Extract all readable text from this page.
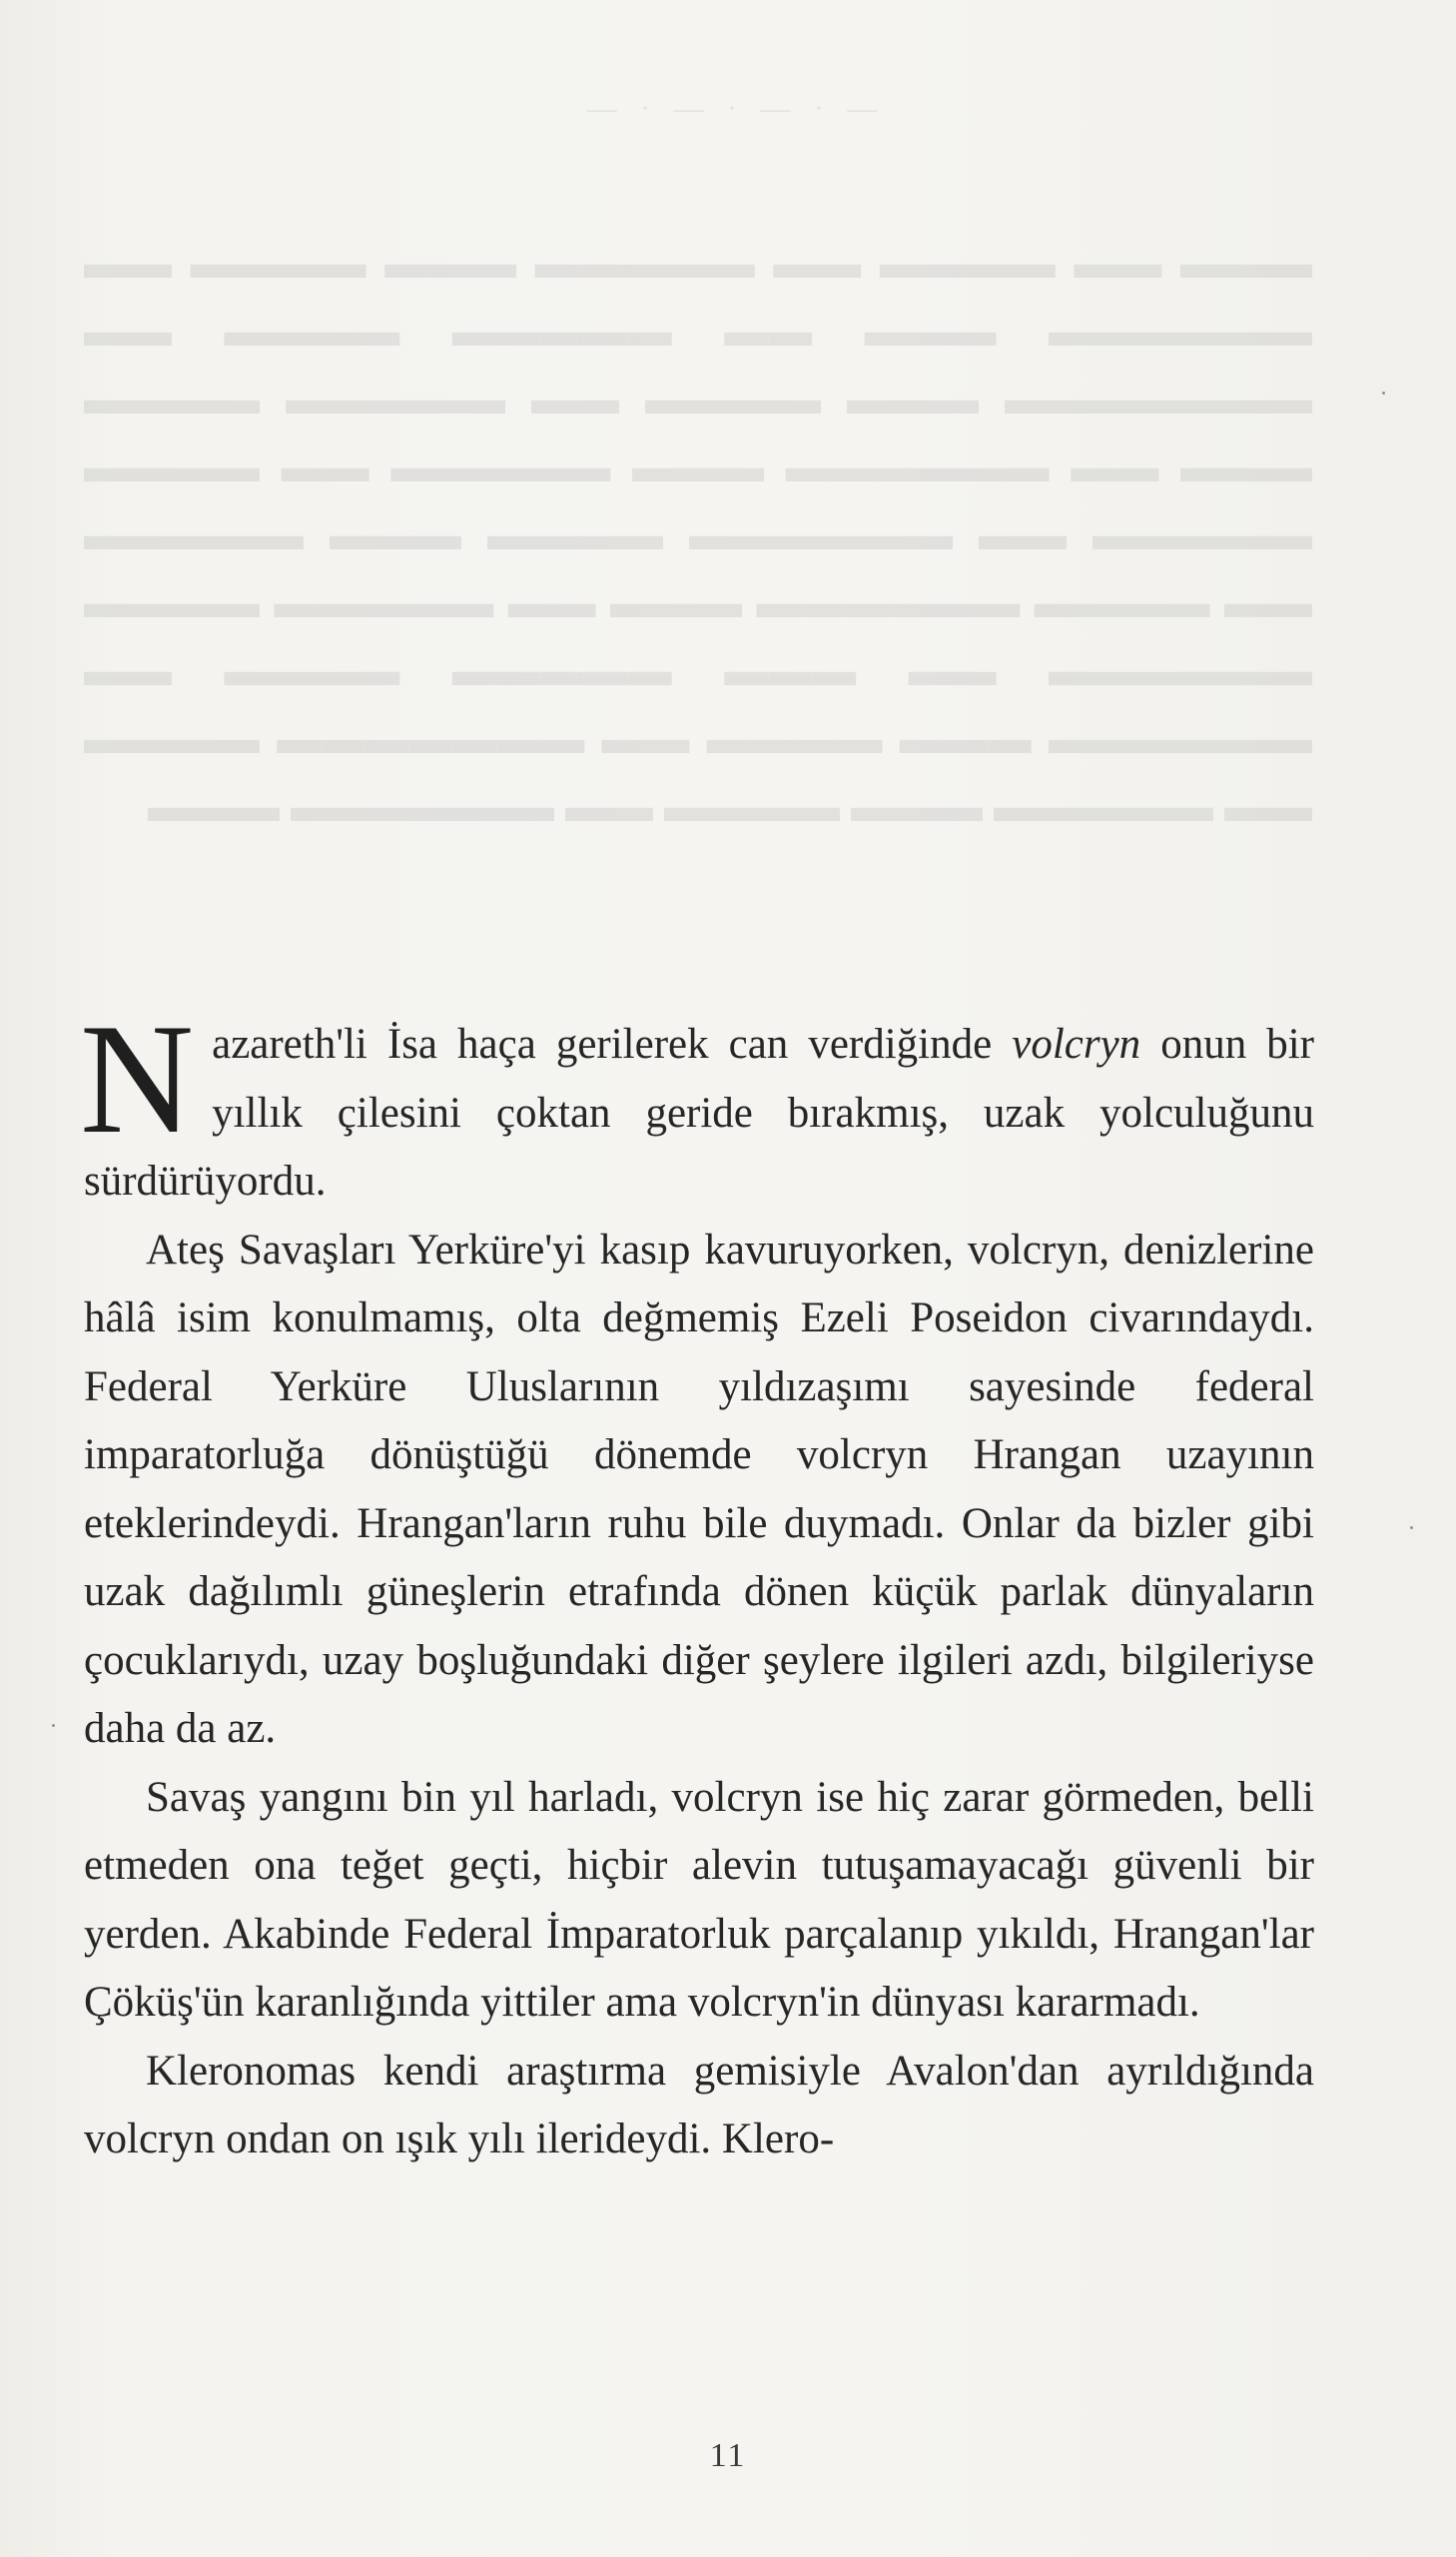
— · — · — · —
▬▬▬ ▬▬ ▬▬▬▬ ▬▬ ▬▬▬▬▬ ▬▬▬ ▬▬▬▬ ▬▬ ▬▬▬▬▬▬ ▬▬▬ ▬▬ ▬▬▬▬▬ ▬▬▬▬ ▬▬ ▬▬▬▬▬▬▬ ▬▬▬ ▬▬▬▬ ▬▬ ▬▬▬▬▬ ▬▬▬▬ ▬▬▬ ▬▬ ▬▬▬▬▬▬ ▬▬▬ ▬▬▬▬▬ ▬▬ ▬▬▬▬ ▬▬▬▬▬ ▬▬ ▬▬▬▬▬▬ ▬▬▬▬ ▬▬▬ ▬▬▬▬▬ ▬▬ ▬▬▬▬ ▬▬▬▬▬▬ ▬▬▬ ▬▬ ▬▬▬▬▬ ▬▬▬▬ ▬▬▬▬▬▬ ▬▬ ▬▬▬ ▬▬▬▬▬ ▬▬▬▬ ▬▬ ▬▬▬▬▬▬ ▬▬▬ ▬▬▬▬ ▬▬ ▬▬▬▬▬▬▬ ▬▬▬▬ ▬▬ ▬▬▬▬▬ ▬▬▬ ▬▬▬▬ ▬▬ ▬▬▬▬▬▬ ▬▬▬

Nazareth'li İsa haça gerilerek can verdiğinde volcryn onun bir yıllık çilesini çoktan geride bırakmış, uzak yolculuğunu sürdürüyordu.

Ateş Savaşları Yerküre'yi kasıp kavuruyorken, volcryn, denizlerine hâlâ isim konulmamış, olta değmemiş Ezeli Poseidon civarındaydı. Federal Yerküre Uluslarının yıldızaşımı sayesinde federal imparatorluğa dönüştüğü dönemde volcryn Hrangan uzayının eteklerindeydi. Hrangan'ların ruhu bile duymadı. Onlar da bizler gibi uzak dağılımlı güneşlerin etrafında dönen küçük parlak dünyaların çocuklarıydı, uzay boşluğundaki diğer şeylere ilgileri azdı, bilgileriyse daha da az.

Savaş yangını bin yıl harladı, volcryn ise hiç zarar görmeden, belli etmeden ona teğet geçti, hiçbir alevin tutuşamayacağı güvenli bir yerden. Akabinde Federal İmparatorluk parçalanıp yıkıldı, Hrangan'lar Çöküş'ün karanlığında yittiler ama volcryn'in dünyası kararmadı.

Kleronomas kendi araştırma gemisiyle Avalon'dan ayrıldığında volcryn ondan on ışık yılı ilerideydi. Klero-

11
